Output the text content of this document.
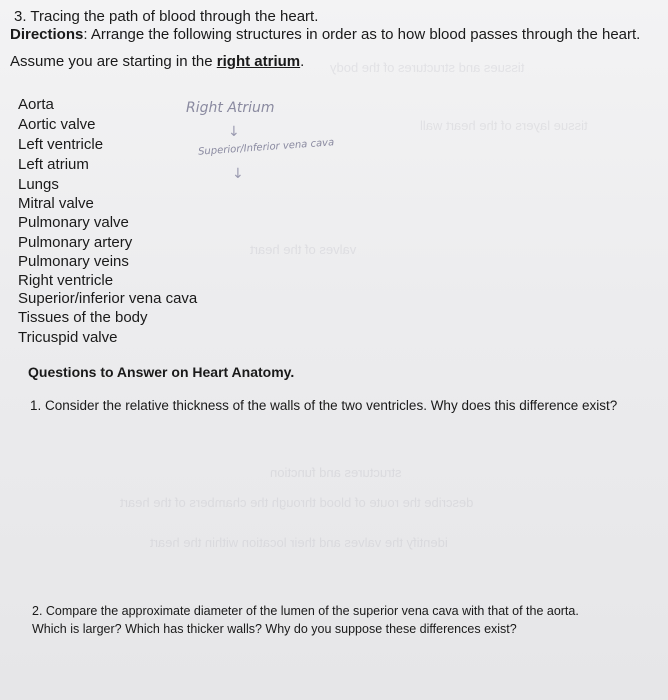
tissues and structures of the body
tissue layers of the heart wall
valves of the heart
structures and function
describe the route of blood through the chambers of the heart
identify the valves and their location within the heart
3. Tracing the path of blood through the heart.
Directions: Arrange the following structures in order as to how blood passes through the heart.
Assume you are starting in the right atrium.
Aorta
Aortic valve
Left ventricle
Left atrium
Lungs
Mitral valve
Pulmonary valve
Pulmonary artery
Pulmonary veins
Right ventricle
Superior/inferior vena cava
Tissues of the body
Tricuspid valve
Right Atrium
↓
Superior/Inferior vena cava
↓
Questions to Answer on Heart Anatomy.
1. Consider the relative thickness of the walls of the two ventricles. Why does this difference exist?
2. Compare the approximate diameter of the lumen of the superior vena cava with that of the aorta.
Which is larger? Which has thicker walls? Why do you suppose these differences exist?
